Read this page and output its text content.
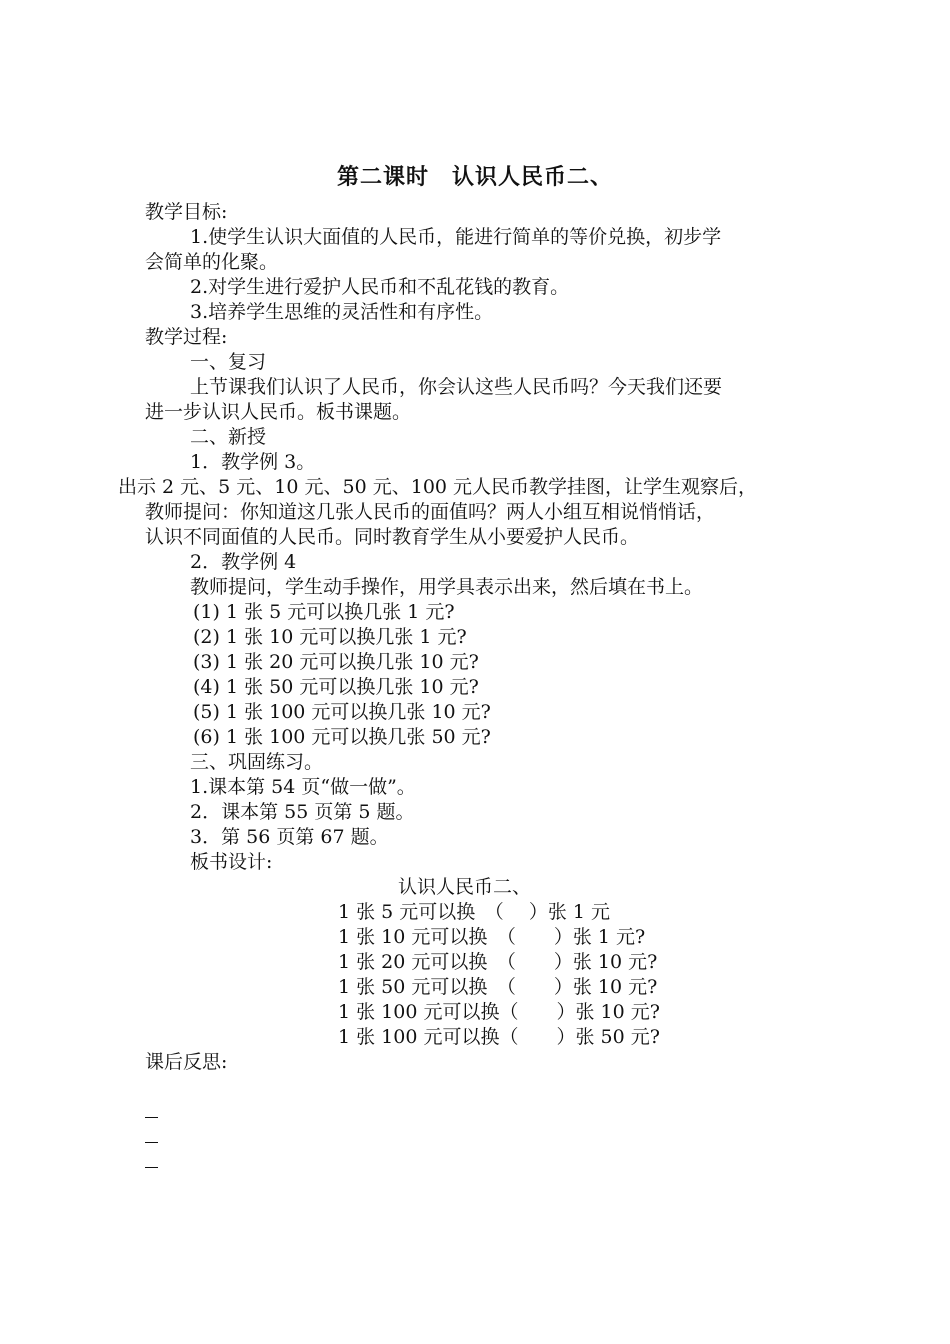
第二课时　认识人民币二、
教学目标:
1.使学生认识大面值的人民币，能进行简单的等价兑换，初步学
会简单的化聚。
2.对学生进行爱护人民币和不乱花钱的教育。
3.培养学生思维的灵活性和有序性。
教学过程:
一、复习
上节课我们认识了人民币，你会认这些人民币吗？今天我们还要
进一步认识人民币。板书课题。
二、新授
1．教学例 3。
出示 2 元、5 元、10 元、50 元、100 元人民币教学挂图，让学生观察后，
教师提问：你知道这几张人民币的面值吗？两人小组互相说悄悄话，
认识不同面值的人民币。同时教育学生从小要爱护人民币。
2．教学例 4
教师提问，学生动手操作，用学具表示出来，然后填在书上。
(1) 1 张 5 元可以换几张 1 元?
(2) 1 张 10 元可以换几张 1 元?
(3) 1 张 20 元可以换几张 10 元?
(4) 1 张 50 元可以换几张 10 元?
(5) 1 张 100 元可以换几张 10 元?
(6) 1 张 100 元可以换几张 50 元?
三、巩固练习。
1.课本第 54 页“做一做”。
2．课本第 55 页第 5 题。
3．第 56 页第 67 题。
板书设计:
认识人民币二、
1 张 5 元可以换　（　 ）张 1 元
1 张 10 元可以换　（　　）张 1 元?
1 张 20 元可以换　（　　）张 10 元?
1 张 50 元可以换　（　　）张 10 元?
1 张 100 元可以换（　　）张 10 元?
1 张 100 元可以换（　　）张 50 元?
课后反思:
